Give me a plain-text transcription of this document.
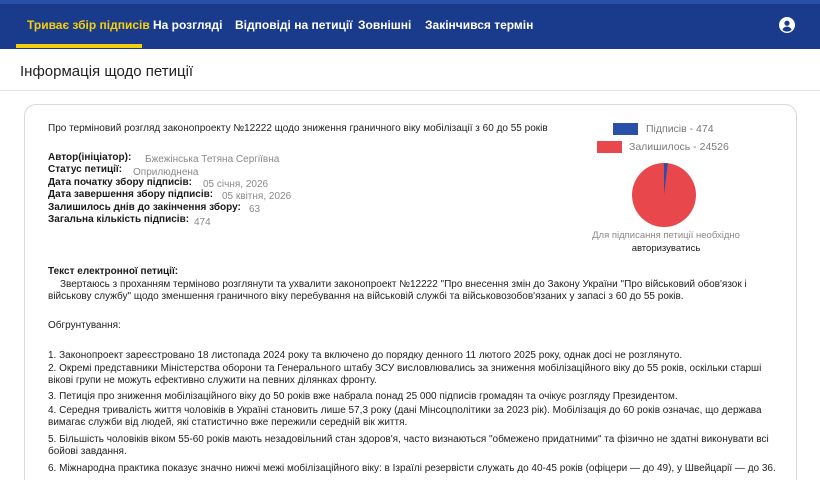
Триває збір підписів На розгляді Відповіді на петиції Зовнішні Закінчився термін
Інформація щодо петиції
Про терміновий розгляд законопроекту №12222 щодо зниження граничного віку мобілізації з 60 до 55 років
Автор(ініціатор): Бжежінська Тетяна Сергіївна
Статус петиції: Оприлюднена
Дата початку збору підписів: 05 січня, 2026
Дата завершення збору підписів: 05 квітня, 2026
Залишилось днів до закінчення збору: 63
Загальна кількість підписів: 474
Підписів - 474
Залишилось - 24526
Для підписання петиції необхідно авторизуватись
Текст електронної петиції:
Звертаюсь з проханням терміново розглянути та ухвалити законопроект №12222 "Про внесення змін до Закону України "Про військовий обов'язок і військову службу" щодо зменшення граничного віку перебування на військовій службі та військовозобов'язаних у запасі з 60 до 55 років.
Обгрунтування:
1. Законопроект зареєстровано 18 листопада 2024 року та включено до порядку денного 11 лютого 2025 року, однак досі не розглянуто.
2. Окремі представники Міністерства оборони та Генерального штабу ЗСУ висловлювались за зниження мобілізаційного віку до 55 років, оскільки старші вікові групи не можуть ефективно служити на певних ділянках фронту.
3. Петиція про зниження мобілізаційного віку до 50 років вже набрала понад 25 000 підписів громадян та очікує розгляду Президентом.
4. Середня тривалість життя чоловіків в Україні становить лише 57,3 року (дані Мінсоцполітики за 2023 рік). Мобілізація до 60 років означає, що держава вимагає служби від людей, які статистично вже пережили середній вік життя.
5. Більшість чоловіків віком 55-60 років мають незадовільний стан здоров'я, часто визнаються "обмежено придатними" та фізично не здатні виконувати всі бойові завдання.
6. Міжнародна практика показує значно нижчі межі мобілізаційного віку: в Ізраїлі резервісти служать до 40-45 років (офіцери — до 49), у Швейцарії — до 36.
